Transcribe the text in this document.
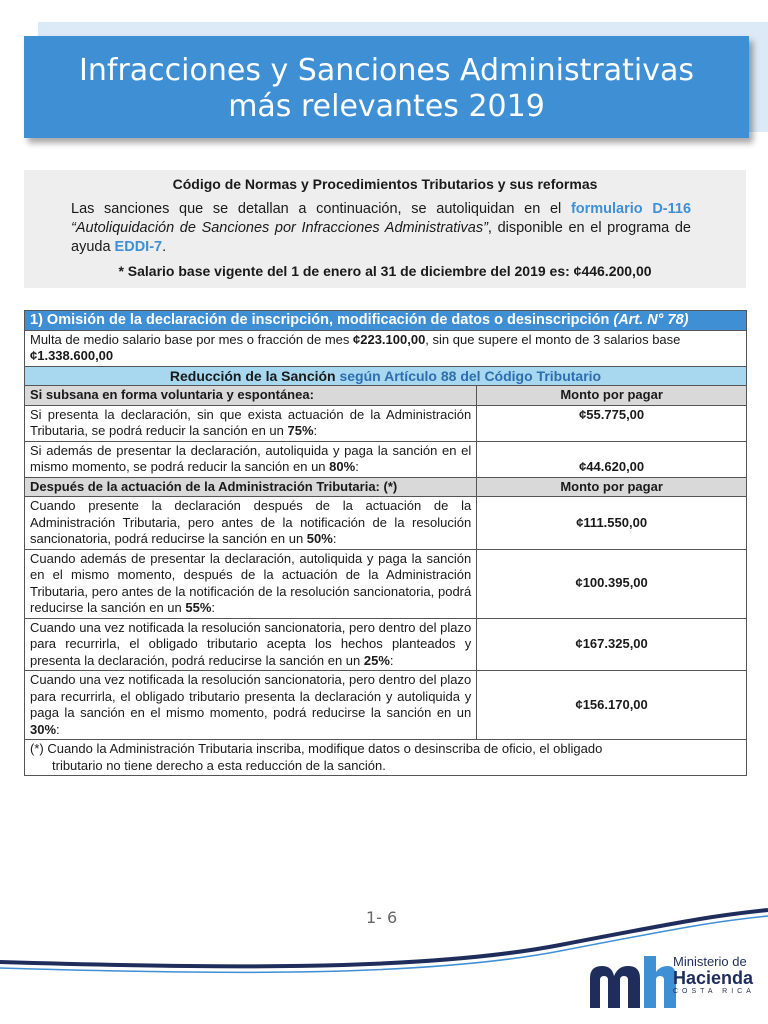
Infracciones y Sanciones Administrativas
más relevantes 2019
Código de Normas y Procedimientos Tributarios y sus reformas
Las sanciones que se detallan a continuación, se autoliquidan en el formulario D-116 “Autoliquidación de Sanciones por Infracciones Administrativas”, disponible en el programa de ayuda EDDI-7.
* Salario base vigente del 1 de enero al 31 de diciembre del 2019 es: ¢446.200,00
1) Omisión de la declaración de inscripción, modificación de datos o desinscripción (Art. N° 78)	
Multa de medio salario base por mes o fracción de mes ¢223.100,00, sin que supere el monto de 3 salarios base ¢1.338.600,00	
Reducción de la Sanción según Artículo 88 del Código Tributario	
Si subsana en forma voluntaria y espontánea:	Monto por pagar
Si presenta la declaración, sin que exista actuación de la Administración Tributaria, se podrá reducir la sanción en un 75%:	¢55.775,00
Si además de presentar la declaración, autoliquida y paga la sanción en el mismo momento, se podrá reducir la sanción en un 80%:	¢44.620,00
Después de la actuación de la Administración Tributaria: (*)	Monto por pagar
Cuando presente la declaración después de la actuación de la Administración Tributaria, pero antes de la notificación de la resolución sancionatoria, podrá reducirse la sanción en un 50%:	¢111.550,00
Cuando además de presentar la declaración, autoliquida y paga la sanción en el mismo momento, después de la actuación de la Administración Tributaria, pero antes de la notificación de la resolución sancionatoria, podrá reducirse la sanción en un 55%:	¢100.395,00
Cuando una vez notificada la resolución sancionatoria, pero dentro del plazo para recurrirla, el obligado tributario acepta los hechos planteados y presenta la declaración, podrá reducirse la sanción en un 25%:	¢167.325,00
Cuando una vez notificada la resolución sancionatoria, pero dentro del plazo para recurrirla, el obligado tributario presenta la declaración y autoliquida y paga la sanción en el mismo momento, podrá reducirse la sanción en un 30%:	¢156.170,00

(*) Cuando la Administración Tributaria inscriba, modifique datos o desinscriba de oficio, el obligado
tributario no tiene derecho a esta reducción de la sanción.	
1- 6
Ministerio de
Hacienda
COSTA RICA
